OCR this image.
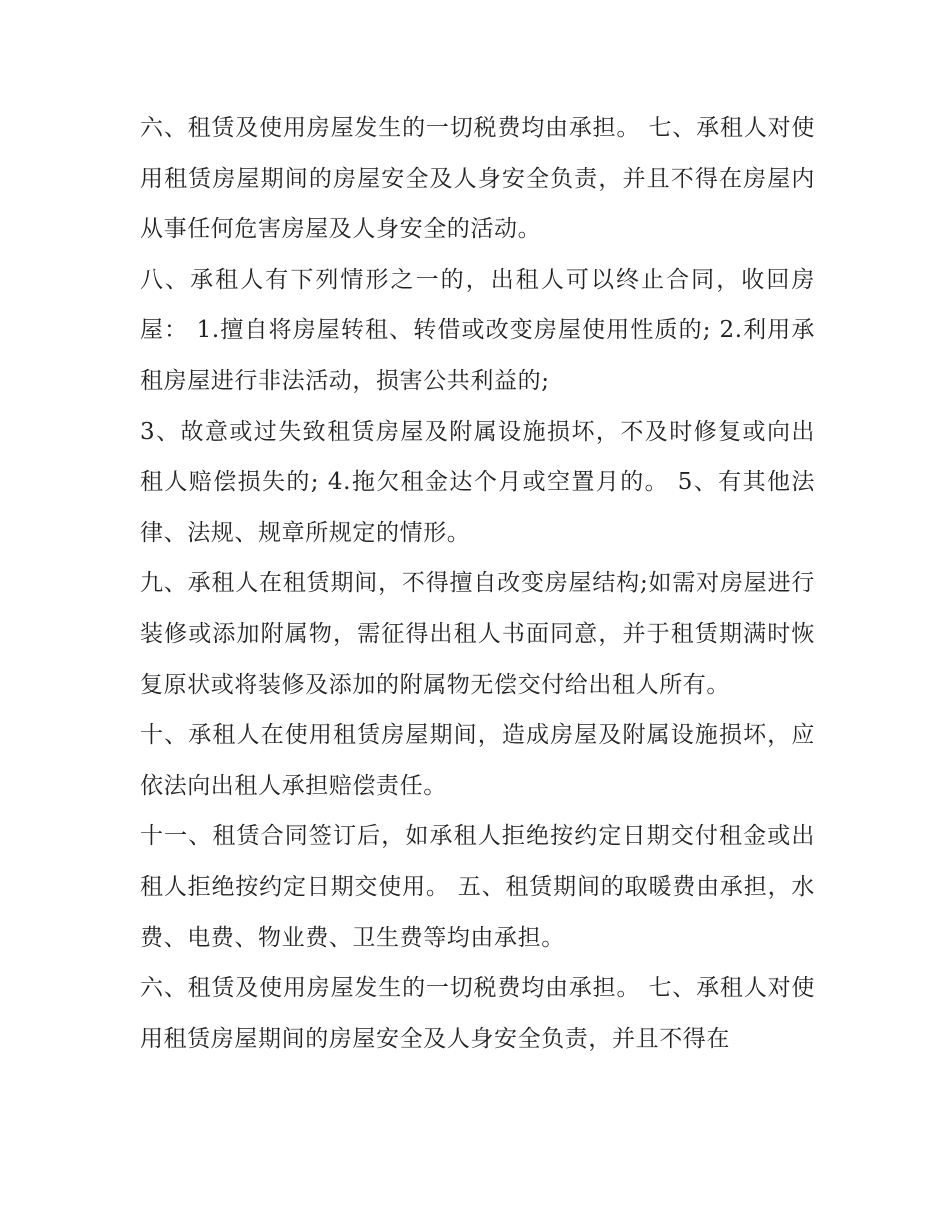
六、租赁及使用房屋发生的一切税费均由承担。 七、承租人对使用租赁房屋期间的房屋安全及人身安全负责，并且不得在房屋内从事任何危害房屋及人身安全的活动。

八、承租人有下列情形之一的，出租人可以终止合同，收回房屋： 1.擅自将房屋转租、转借或改变房屋使用性质的; 2.利用承租房屋进行非法活动，损害公共利益的;

3、故意或过失致租赁房屋及附属设施损坏，不及时修复或向出租人赔偿损失的; 4.拖欠租金达个月或空置月的。 5、有其他法律、法规、规章所规定的情形。

九、承租人在租赁期间，不得擅自改变房屋结构;如需对房屋进行装修或添加附属物，需征得出租人书面同意，并于租赁期满时恢复原状或将装修及添加的附属物无偿交付给出租人所有。

十、承租人在使用租赁房屋期间，造成房屋及附属设施损坏，应依法向出租人承担赔偿责任。

十一、租赁合同签订后，如承租人拒绝按约定日期交付租金或出租人拒绝按约定日期交使用。 五、租赁期间的取暖费由承担，水费、电费、物业费、卫生费等均由承担。

六、租赁及使用房屋发生的一切税费均由承担。 七、承租人对使用租赁房屋期间的房屋安全及人身安全负责，并且不得在
